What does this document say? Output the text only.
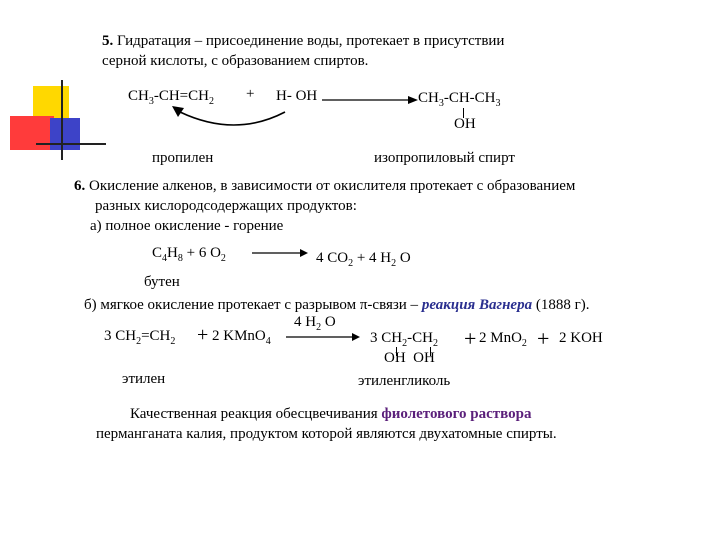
5. Гидратация – присоединение воды, протекает в присутствии
серной кислоты, с образованием спиртов.
$CH_3-CH=CH_2 + H-$ OH	$CH_3-CH-CH_3$
OH
пропилен	изопропиловый спирт
6. Окисление алкенов, в зависимости от окислителя протекает с образованием
разных кислородсодержащих продуктов:
а) полное окисление - горение
$C_4H_8 + 6$ $O_2$	4 $CO_2 + 4$ $H_2$ O
бутен
б) мягкое окисление протекает с разрывом π-связи – реакция Вагнера (1888 г).
3 $CH_2=CH_2 + 2$ KMnO$_4$
4 $H_2$ O
3 $CH_2-CH_2$
OH  OH
+ 2 MnO$_2$ + 2 KOH
этилен	этиленгликоль
Качественная реакция обесцвечивания фиолетового раствора
перманганата калия, продуктом которой являются двухатомные спирты.
